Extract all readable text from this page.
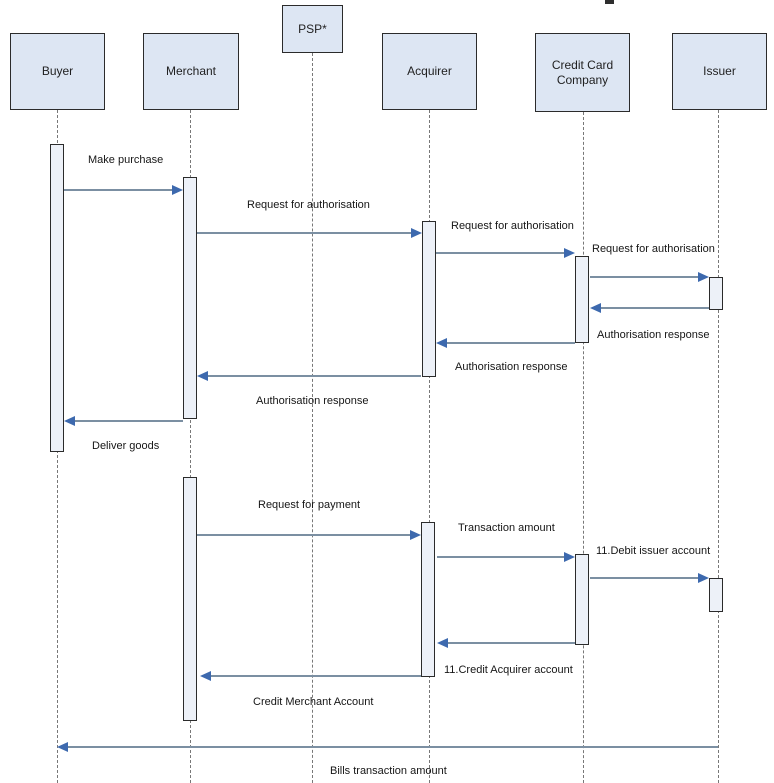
Make purchase
Request for authorisation
Request for authorisation
Request for authorisation
Authorisation response
Authorisation response
Authorisation response
Deliver goods
Request for payment
Transaction amount
11.Debit issuer account
11.Credit Acquirer account
Credit Merchant Account
Bills transaction amount
Buyer	Merchant
PSP*
Acquirer	Credit Card Company
Issuer
